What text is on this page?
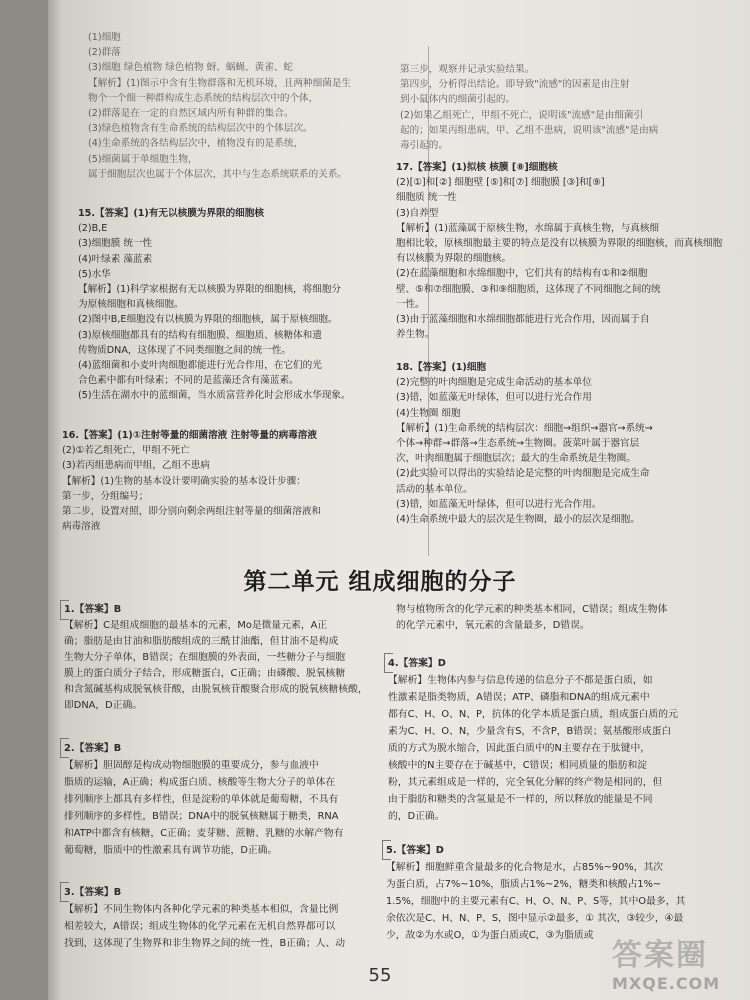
(1)细胞

(2)群落

(3)细胞 绿色植物 绿色植物 蚜、蜗蝇、黄雀、蛇

【解析】(1)图示中含有生物群落和无机环境，且两种细菌是生

物个一个细一种群构成生态系统的结构层次中的个体，

(2)群落是在一定的自然区域内所有种群的集合。

(3)绿色植物含有生命系统的结构层次中的个体层次。

(4)生命系统的各结构层次中，植物没有的是系统，

(5)细菌属于单细胞生物，

属于细胞层次也属于个体层次，其中与生态系统联系的关系。

15.【答案】(1)有无以核膜为界限的细胞核

(2)B,E

(3)细胞膜 统一性

(4)叶绿素 藻蓝素

(5)水华

【解析】(1)科学家根据有无以核膜为界限的细胞核，将细胞分

为原核细胞和真核细胞。

(2)图中B,E细胞没有以核膜为界限的细胞核，属于原核细胞。

(3)原核细胞都具有的结构有细胞膜、细胞质、核糖体和遗

传物质DNA，这体现了不同类细胞之间的统一性。

(4)蓝细菌和小麦叶肉细胞都能进行光合作用，在它们的光

合色素中都有叶绿素；不同的是蓝藻还含有藻蓝素。

(5)生活在湖水中的蓝细菌，当水质富营养化时会形成水华现象。

16.【答案】(1)①注射等量的细菌溶液 注射等量的病毒溶液

(2)①若乙组死亡，甲组不死亡

(3)若丙组患病而甲组，乙组不患病

【解析】(1)生物的基本设计要明确实验的基本设计步骤：

第一步，分组编号；

第二步，设置对照，即分别向剩余两组注射等量的细菌溶液和

病毒溶液

第三步，观察并记录实验结果。

第四步，分析得出结论。即导致"流感"的因素是由注射

到小鼠体内的细菌引起的。

(2)如果乙组死亡，甲组不死亡，说明该"流感"是由细菌引

起的；如果丙组患病，甲、乙组不患病，说明该"流感"是由病

毒引起的。

17.【答案】(1)拟核 核膜 [⑧]细胞核

(2)[①]和[②] 细胞壁 [⑤]和[⑦] 细胞膜 [③]和[⑨]

细胞质 统一性

(3)自养型

【解析】(1)蓝藻属于原核生物，水绵属于真核生物，与真核细

胞相比较，原核细胞最主要的特点是没有以核膜为界限的细胞核，而真核细胞

有以核膜为界限的细胞核。

(2)在蓝藻细胞和水绵细胞中，它们共有的结构有①和②细胞

壁、⑤和⑦细胞膜、③和⑨细胞质，这体现了不同细胞之间的统

一性。

(3)由于蓝藻细胞和水绵细胞都能进行光合作用，因而属于自

养生物。

18.【答案】(1)细胞

(2)完整的叶肉细胞是完成生命活动的基本单位

(3)错，如蓝藻无叶绿体，但可以进行光合作用

(4)生物圈 细胞

【解析】(1)生命系统的结构层次：细胞→组织→器官→系统→

个体→种群→群落→生态系统→生物圈。菠菜叶属于器官层

次，叶肉细胞属于细胞层次；最大的生命系统是生物圈。

(2)此实验可以得出的实验结论是完整的叶肉细胞是完成生命

活动的基本单位。

(3)错，如蓝藻无叶绿体，但可以进行光合作用。

(4)生命系统中最大的层次是生物圈，最小的层次是细胞。

第二单元 组成细胞的分子

1.【答案】B

【解析】C是组成细胞的最基本的元素，Mo是微量元素，A正

确；脂肪是由甘油和脂肪酸组成的三酰甘油酯，但甘油不是构成

生物大分子单体，B错误；在细胞膜的外表面，一些糖分子与细胞

膜上的蛋白质分子结合，形成糖蛋白，C正确；由磷酸、脱氧核糖

和含氮碱基构成脱氧核苷酸，由脱氧核苷酸聚合形成的脱氧核糖核酸，

即DNA，D正确。

2.【答案】B

【解析】胆固醇是构成动物细胞膜的重要成分，参与血液中

脂质的运输，A正确；构成蛋白质、核酸等生物大分子的单体在

排列顺序上都具有多样性，但是淀粉的单体就是葡萄糖，不具有

排列顺序的多样性，B错误；DNA中的脱氧核糖属于糖类，RNA

和ATP中都含有核糖，C正确；麦芽糖、蔗糖、乳糖的水解产物有

葡萄糖，脂质中的性激素具有调节功能，D正确。

3.【答案】B

【解析】不同生物体内各种化学元素的种类基本相似，含量比例

相差较大，A错误；组成生物体的化学元素在无机自然界都可以

找到，这体现了生物界和非生物界之间的统一性，B正确；人、动

物与植物所含的化学元素的种类基本相同，C错误；组成生物体

的化学元素中，氧元素的含量最多，D错误。

4.【答案】D

【解析】生物体内参与信息传递的信息分子不都是蛋白质，如

性激素是脂类物质，A错误；ATP、磷脂和DNA的组成元素中

都有C、H、O、N、P，抗体的化学本质是蛋白质，组成蛋白质的元

素为C、H、O、N，少量含有S，不含P，B错误；氨基酸形成蛋白

质的方式为脱水缩合，因此蛋白质中的N主要存在于肽键中，

核酸中的N主要存在于碱基中，C错误；相同质量的脂肪和淀

粉，其元素组成是一样的，完全氧化分解的终产物是相同的，但

由于脂肪和糖类的含氢量是不一样的，所以释放的能量是不同

的，D正确。

5.【答案】D

【解析】细胞鲜重含量最多的化合物是水，占85%~90%，其次

为蛋白质，占7%~10%，脂质占1%~2%，糖类和核酸占1%~

1.5%，细胞中的主要元素有C、H、O、N、P、S等，其中O最多，其

余依次是C、H、N、P、S，图中显示②最多，① 其次，③较少，④最

少，故②为水或O，①为蛋白质或C，③为脂质或

55
答案圈
MXQE.COM
